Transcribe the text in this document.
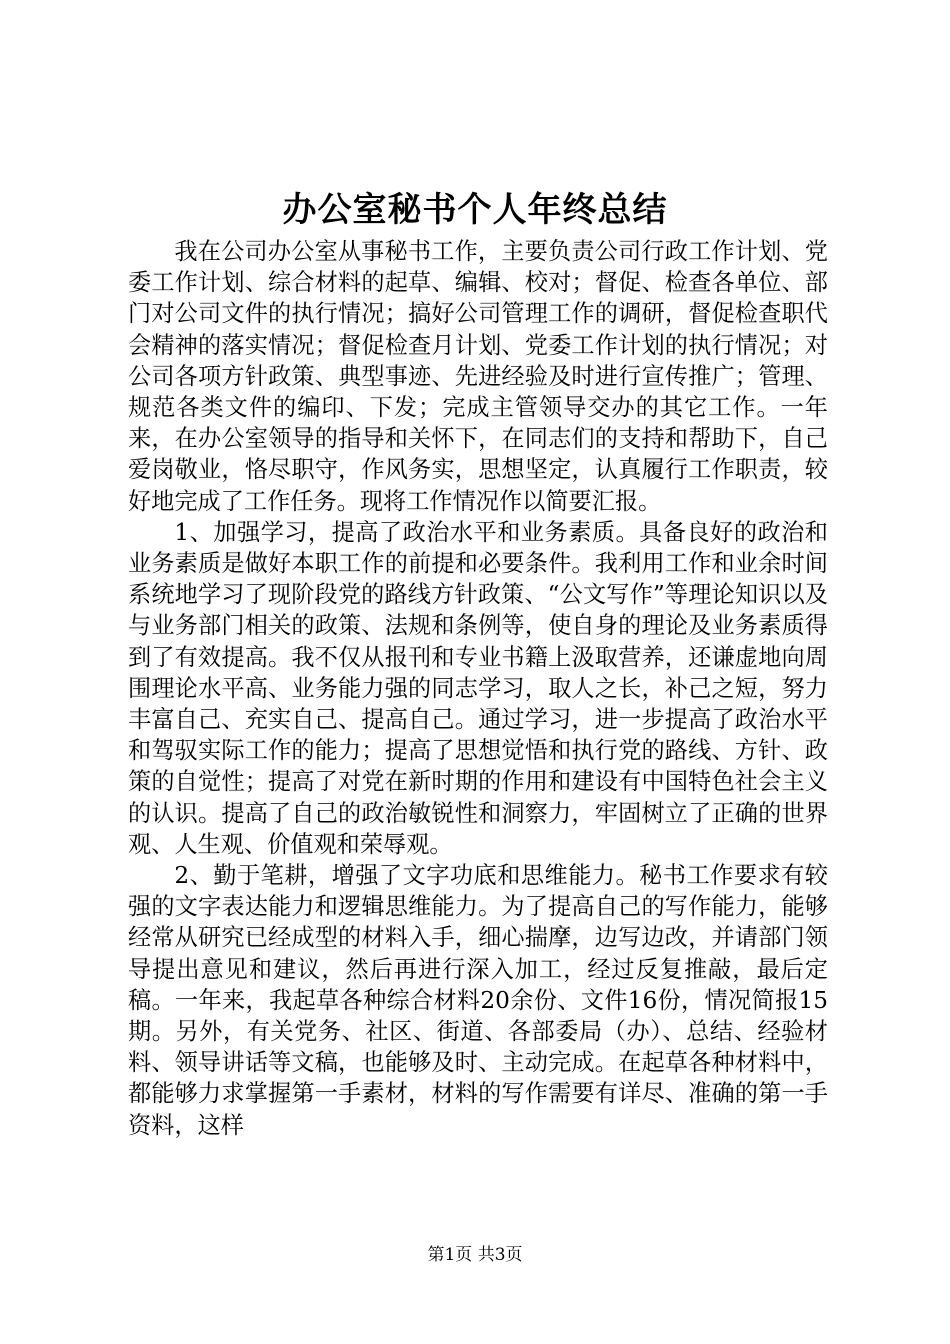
办公室秘书个人年终总结

我在公司办公室从事秘书工作，主要负责公司行政工作计划、党委工作计划、综合材料的起草、编辑、校对；督促、检查各单位、部门对公司文件的执行情况；搞好公司管理工作的调研，督促检查职代会精神的落实情况；督促检查月计划、党委工作计划的执行情况；对公司各项方针政策、典型事迹、先进经验及时进行宣传推广；管理、规范各类文件的编印、下发；完成主管领导交办的其它工作。一年来，在办公室领导的指导和关怀下，在同志们的支持和帮助下，自己爱岗敬业，恪尽职守，作风务实，思想坚定，认真履行工作职责，较好地完成了工作任务。现将工作情况作以简要汇报。

1、加强学习，提高了政治水平和业务素质。具备良好的政治和业务素质是做好本职工作的前提和必要条件。我利用工作和业余时间系统地学习了现阶段党的路线方针政策、“公文写作”等理论知识以及与业务部门相关的政策、法规和条例等，使自身的理论及业务素质得到了有效提高。我不仅从报刊和专业书籍上汲取营养，还谦虚地向周围理论水平高、业务能力强的同志学习，取人之长，补己之短，努力丰富自己、充实自己、提高自己。通过学习，进一步提高了政治水平和驾驭实际工作的能力；提高了思想觉悟和执行党的路线、方针、政策的自觉性；提高了对党在新时期的作用和建设有中国特色社会主义的认识。提高了自己的政治敏锐性和洞察力，牢固树立了正确的世界观、人生观、价值观和荣辱观。

2、勤于笔耕，增强了文字功底和思维能力。秘书工作要求有较强的文字表达能力和逻辑思维能力。为了提高自己的写作能力，能够经常从研究已经成型的材料入手，细心揣摩，边写边改，并请部门领导提出意见和建议，然后再进行深入加工，经过反复推敲，最后定稿。一年来，我起草各种综合材料20余份、文件16份，情况简报15期。另外，有关党务、社区、街道、各部委局（办）、总结、经验材料、领导讲话等文稿，也能够及时、主动完成。在起草各种材料中，都能够力求掌握第一手素材，材料的写作需要有详尽、准确的第一手资料，这样

第1页 共3页
